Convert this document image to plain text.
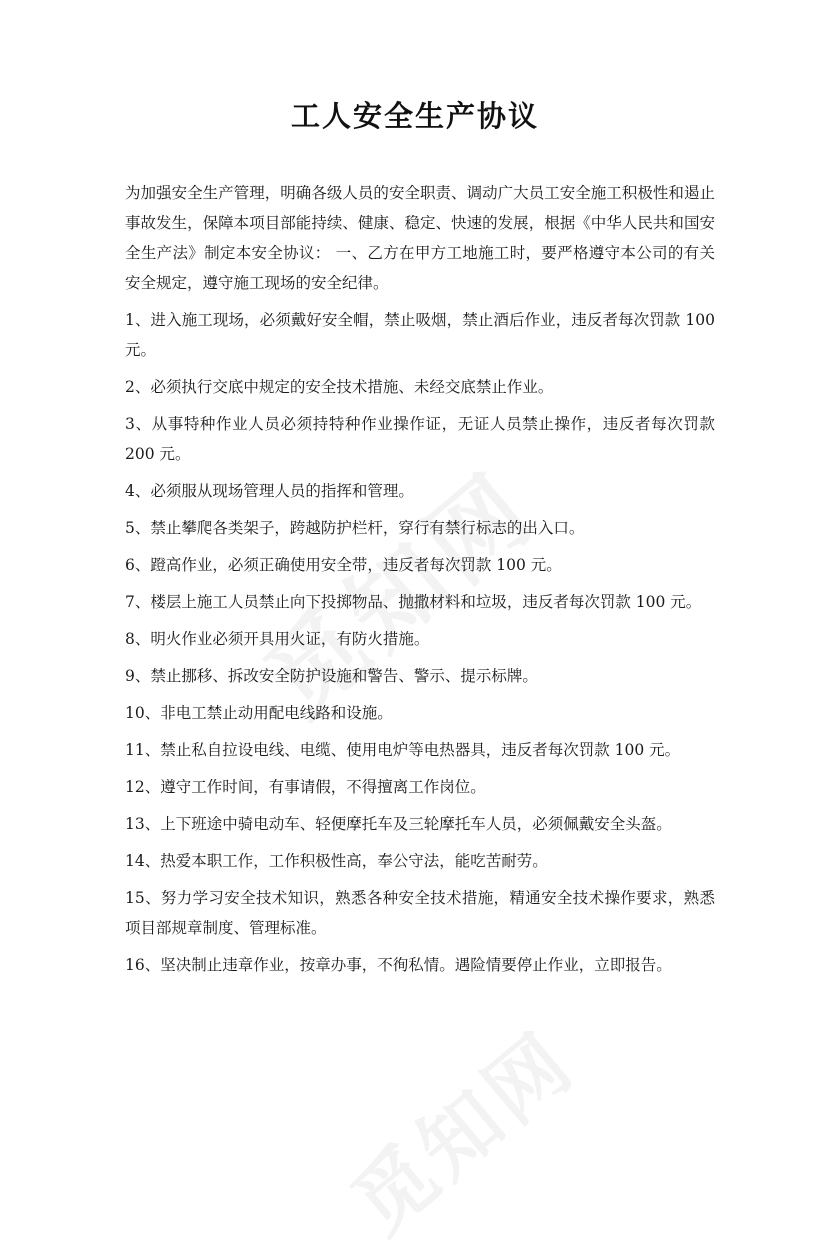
工人安全生产协议

为加强安全生产管理，明确各级人员的安全职责、调动广大员工安全施工积极性和遏止事故发生，保障本项目部能持续、健康、稳定、快速的发展，根据《中华人民共和国安全生产法》制定本安全协议： 一、乙方在甲方工地施工时，要严格遵守本公司的有关安全规定，遵守施工现场的安全纪律。

1、进入施工现场，必须戴好安全帽，禁止吸烟，禁止酒后作业，违反者每次罚款 100 元。

2、必须执行交底中规定的安全技术措施、未经交底禁止作业。

3、从事特种作业人员必须持特种作业操作证，无证人员禁止操作，违反者每次罚款 200 元。

4、必须服从现场管理人员的指挥和管理。

5、禁止攀爬各类架子，跨越防护栏杆，穿行有禁行标志的出入口。

6、蹬高作业，必须正确使用安全带，违反者每次罚款 100 元。

7、楼层上施工人员禁止向下投掷物品、抛撒材料和垃圾，违反者每次罚款 100 元。

8、明火作业必须开具用火证，有防火措施。

9、禁止挪移、拆改安全防护设施和警告、警示、提示标牌。

10、非电工禁止动用配电线路和设施。

11、禁止私自拉设电线、电缆、使用电炉等电热器具，违反者每次罚款 100 元。

12、遵守工作时间，有事请假，不得擅离工作岗位。

13、上下班途中骑电动车、轻便摩托车及三轮摩托车人员，必须佩戴安全头盔。

14、热爱本职工作，工作积极性高，奉公守法，能吃苦耐劳。

15、努力学习安全技术知识，熟悉各种安全技术措施，精通安全技术操作要求，熟悉项目部规章制度、管理标准。

16、坚决制止违章作业，按章办事，不徇私情。遇险情要停止作业，立即报告。
